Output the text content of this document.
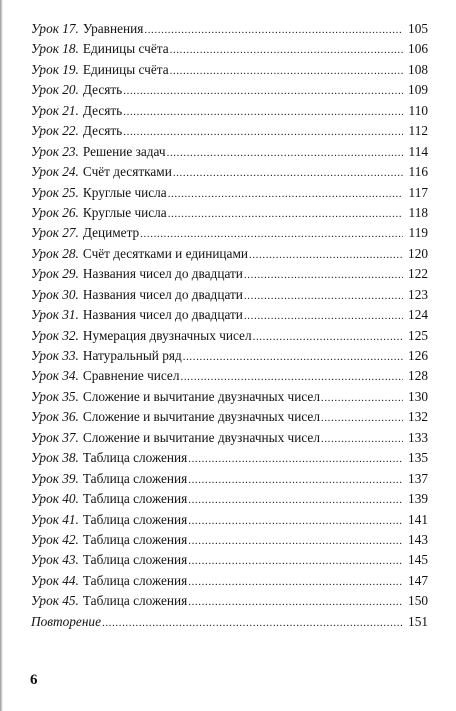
Урок 17. Уравнения .....	105
Урок 18. Единицы счёта .....	106
Урок 19. Единицы счёта .....	108
Урок 20. Десять .....	109
Урок 21. Десять .....	110
Урок 22. Десять .....	112
Урок 23. Решение задач .....	114
Урок 24. Счёт десятками .....	116
Урок 25. Круглые числа .....	117
Урок 26. Круглые числа .....	118
Урок 27. Дециметр .....	119
Урок 28. Счёт десятками и единицами .....	120
Урок 29. Названия чисел до двадцати .....	122
Урок 30. Названия чисел до двадцати .....	123
Урок 31. Названия чисел до двадцати .....	124
Урок 32. Нумерация двузначных чисел .....	125
Урок 33. Натуральный ряд .....	126
Урок 34. Сравнение чисел .....	128
Урок 35. Сложение и вычитание двузначных чисел .....	130
Урок 36. Сложение и вычитание двузначных чисел .....	132
Урок 37. Сложение и вычитание двузначных чисел .....	133
Урок 38. Таблица сложения .....	135
Урок 39. Таблица сложения .....	137
Урок 40. Таблица сложения .....	139
Урок 41. Таблица сложения .....	141
Урок 42. Таблица сложения .....	143
Урок 43. Таблица сложения .....	145
Урок 44. Таблица сложения .....	147
Урок 45. Таблица сложения .....	150
Повторение .....	151
6
